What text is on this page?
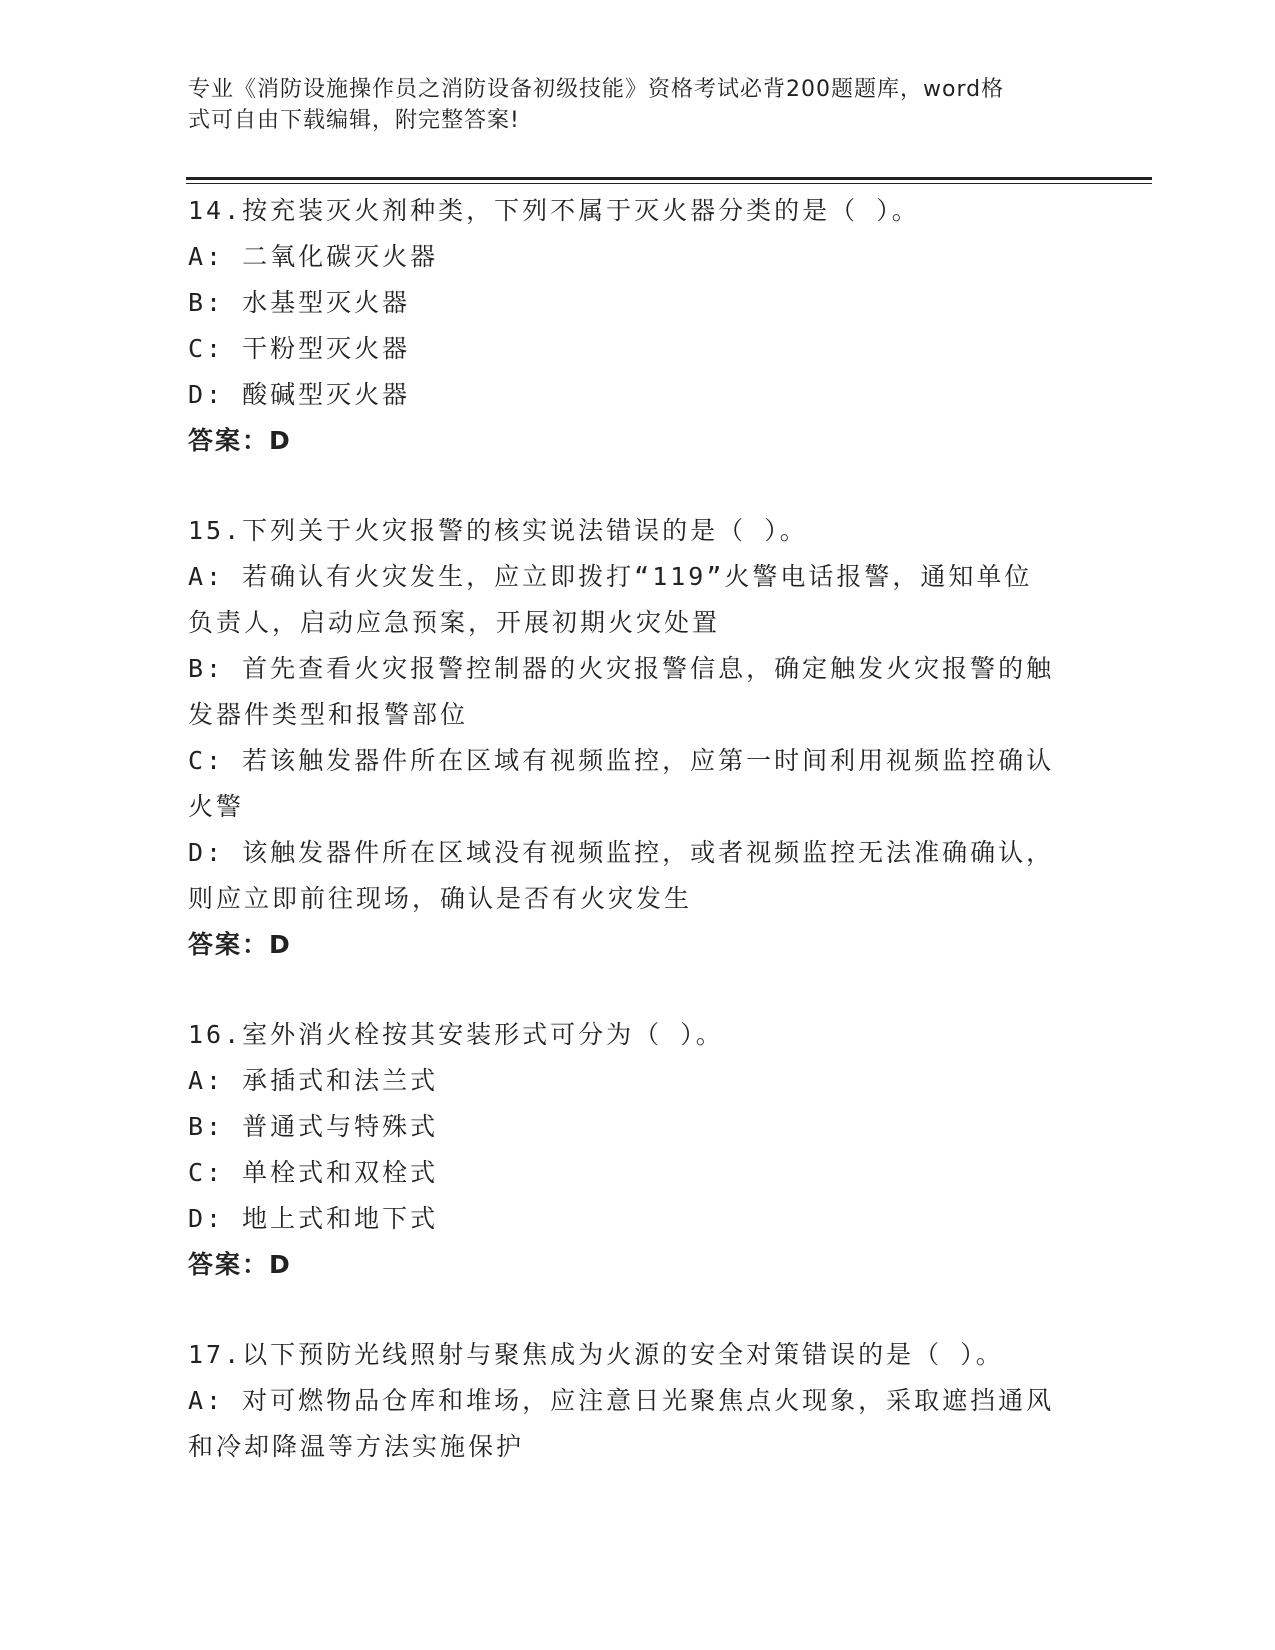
专业《消防设施操作员之消防设备初级技能》资格考试必背200题题库，word格
式可自由下载编辑，附完整答案!
14.按充装灭火剂种类，下列不属于灭火器分类的是（ ）。
A: 二氧化碳灭火器
B: 水基型灭火器
C: 干粉型灭火器
D: 酸碱型灭火器
答案：D
15.下列关于火灾报警的核实说法错误的是（ ）。
A: 若确认有火灾发生，应立即拨打“119”火警电话报警，通知单位
负责人，启动应急预案，开展初期火灾处置
B: 首先查看火灾报警控制器的火灾报警信息，确定触发火灾报警的触
发器件类型和报警部位
C: 若该触发器件所在区域有视频监控，应第一时间利用视频监控确认
火警
D: 该触发器件所在区域没有视频监控，或者视频监控无法准确确认，
则应立即前往现场，确认是否有火灾发生
答案：D
16.室外消火栓按其安装形式可分为（ ）。
A: 承插式和法兰式
B: 普通式与特殊式
C: 单栓式和双栓式
D: 地上式和地下式
答案：D
17.以下预防光线照射与聚焦成为火源的安全对策错误的是（ ）。
A: 对可燃物品仓库和堆场，应注意日光聚焦点火现象，采取遮挡通风
和冷却降温等方法实施保护
